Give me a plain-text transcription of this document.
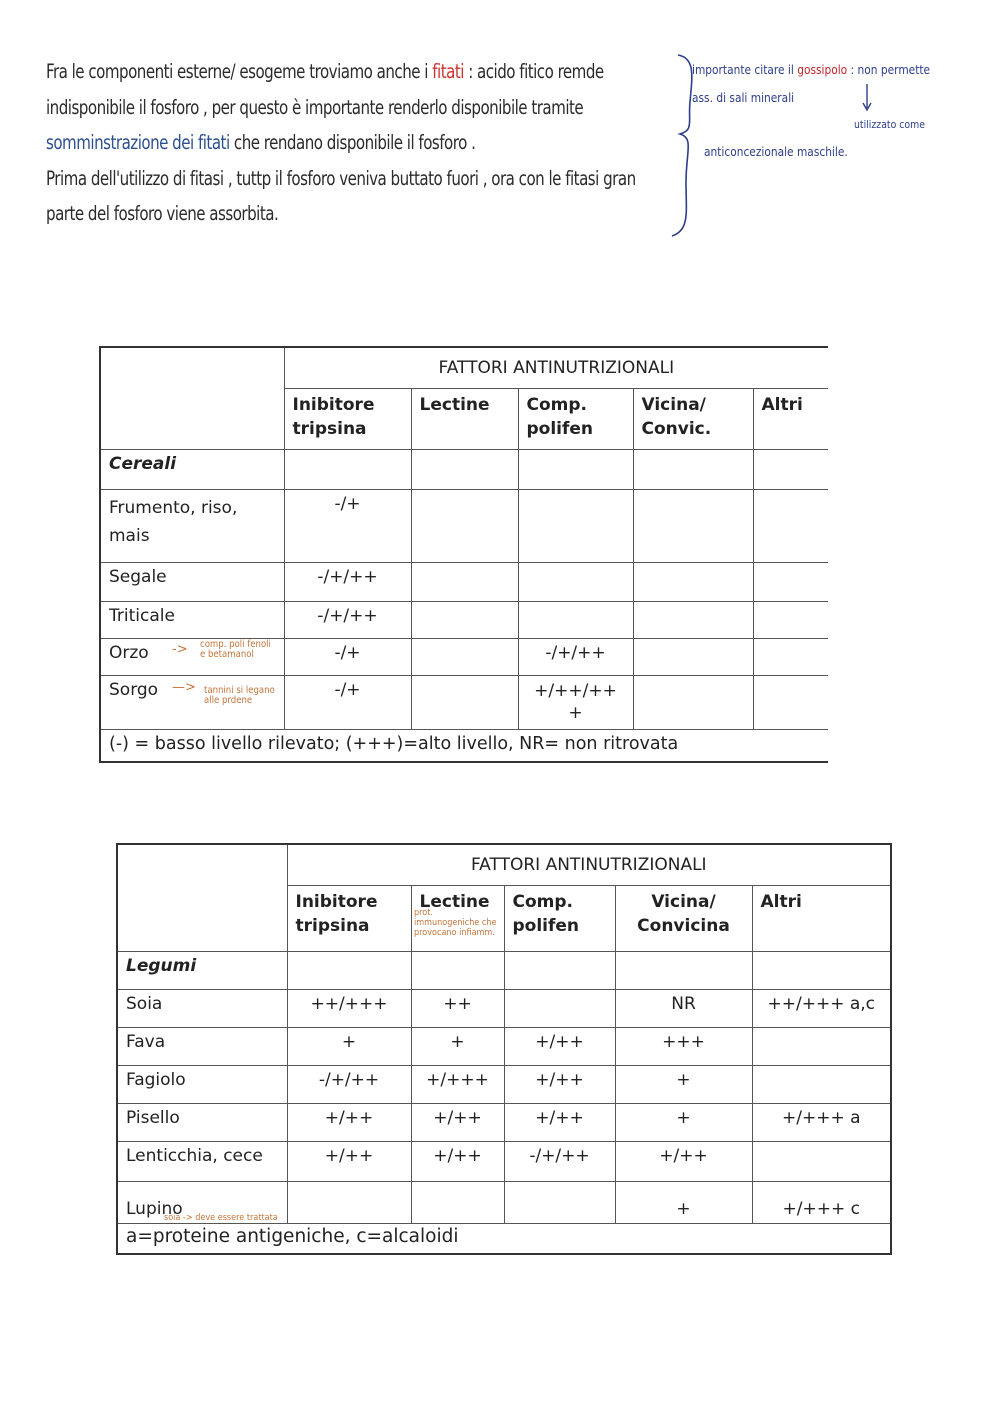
Fra le componenti esterne/ esogeme troviamo anche i fitati : acido fitico remde indisponibile il fosforo , per questo è importante renderlo disponibile tramite somminstrazione dei fitati che rendano disponibile il fosforo .

Prima dell'utilizzo di fitasi , tuttp il fosforo veniva buttato fuori , ora con le fitasi gran parte del fosforo viene assorbita.

importante citare il gossipolo : non permette
ass. di sali minerali
utilizzato come
anticoncezionale maschile.
	FATTORI ANTINUTRIZIONALI				
	Inibitore tripsina	Lectine	Comp. polifen	Vicina/ Convic.	Altri
Cereali					
Frumento, riso, mais	-/+				
Segale	-/+/++				
Triticale	-/+/++				
Orzo	-/+		-/+/++		
Sorgo	-/+		+/++/++ +		
(-) = basso livello rilevato; (+++)=alto livello, NR= non ritrovata					
-> comp. poli fenoli e betamanol
—> tannini si legano alle prdene
	FATTORI ANTINUTRIZIONALI				
	Inibitore tripsina	Lectine	Comp. polifen	Vicina/ Convicina	Altri
Legumi					
Soia	++/+++	++		NR	++/+++ a,c
Fava	+	+	+/++	+++	
Fagiolo	-/+/++	+/+++	+/++	+	
Pisello	+/++	+/++	+/++	+	+/+++ a
Lenticchia, cece	+/++	+/++	-/+/++	+/++	
Lupino				+	+/+++ c
a=proteine antigeniche, c=alcaloidi					
prot. immunogeniche che provocano infiamm.
soia -> deve essere trattata
